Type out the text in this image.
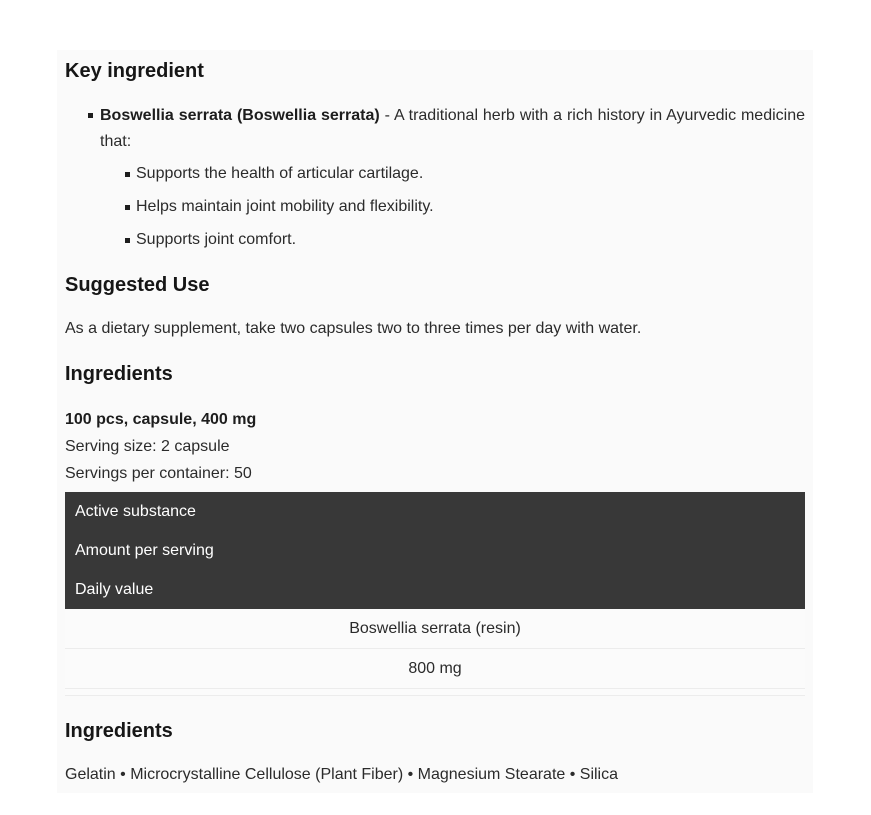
Key ingredient
Boswellia serrata (Boswellia serrata) - A traditional herb with a rich history in Ayurvedic medicine that:
Supports the health of articular cartilage.
Helps maintain joint mobility and flexibility.
Supports joint comfort.
Suggested Use

As a dietary supplement, take two capsules two to three times per day with water.

Ingredients
100 pcs, capsule, 400 mg
Serving size: 2 capsule
Servings per container: 50
Active substance
Amount per serving
Daily value
Boswellia serrata (resin)
800 mg
Ingredients

Gelatin • Microcrystalline Cellulose (Plant Fiber) • Magnesium Stearate • Silica
